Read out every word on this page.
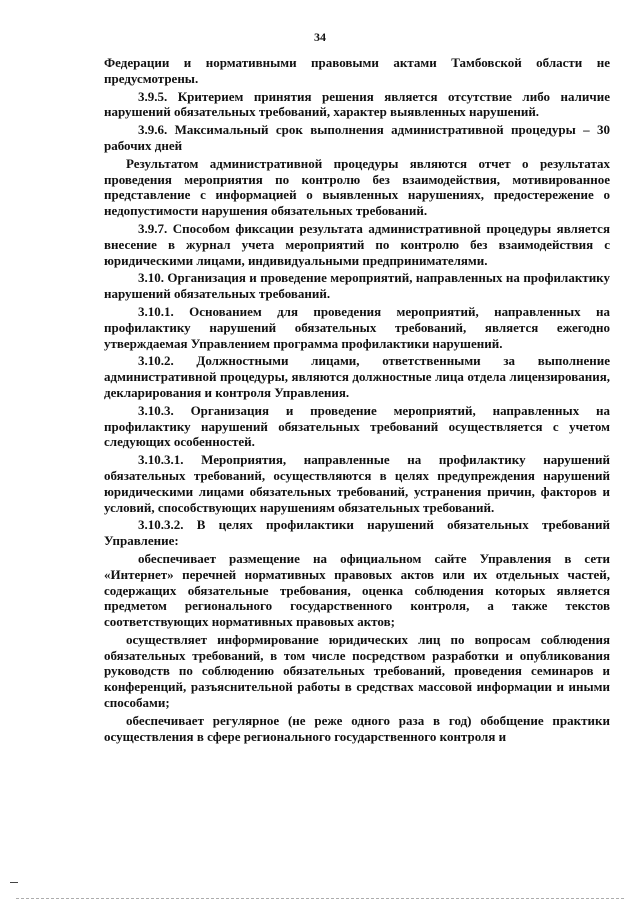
34

Федерации и нормативными правовыми актами Тамбовской области не предусмотрены.

3.9.5. Критерием принятия решения является отсутствие либо наличие нарушений обязательных требований, характер выявленных нарушений.

3.9.6. Максимальный срок выполнения административной процедуры – 30 рабочих дней

Результатом административной процедуры являются отчет о результатах проведения мероприятия по контролю без взаимодействия, мотивированное представление с информацией о выявленных нарушениях, предостережение о недопустимости нарушения обязательных требований.

3.9.7. Способом фиксации результата административной процедуры является внесение в журнал учета мероприятий по контролю без взаимодействия с юридическими лицами, индивидуальными предпринимателями.

3.10. Организация и проведение мероприятий, направленных на профилактику нарушений обязательных требований.

3.10.1. Основанием для проведения мероприятий, направленных на профилактику нарушений обязательных требований, является ежегодно утверждаемая Управлением программа профилактики нарушений.

3.10.2. Должностными лицами, ответственными за выполнение административной процедуры, являются должностные лица отдела лицензирования, декларирования и контроля Управления.

3.10.3. Организация и проведение мероприятий, направленных на профилактику нарушений обязательных требований осуществляется с учетом следующих особенностей.

3.10.3.1. Мероприятия, направленные на профилактику нарушений обязательных требований, осуществляются в целях предупреждения нарушений юридическими лицами обязательных требований, устранения причин, факторов и условий, способствующих нарушениям обязательных требований.

3.10.3.2. В целях профилактики нарушений обязательных требований Управление:

обеспечивает размещение на официальном сайте Управления в сети «Интернет» перечней нормативных правовых актов или их отдельных частей, содержащих обязательные требования, оценка соблюдения которых является предметом регионального государственного контроля, а также текстов соответствующих нормативных правовых актов;

осуществляет информирование юридических лиц по вопросам соблюдения обязательных требований, в том числе посредством разработки и опубликования руководств по соблюдению обязательных требований, проведения семинаров и конференций, разъяснительной работы в средствах массовой информации и иными способами;

обеспечивает регулярное (не реже одного раза в год) обобщение практики осуществления в сфере регионального государственного контроля и
